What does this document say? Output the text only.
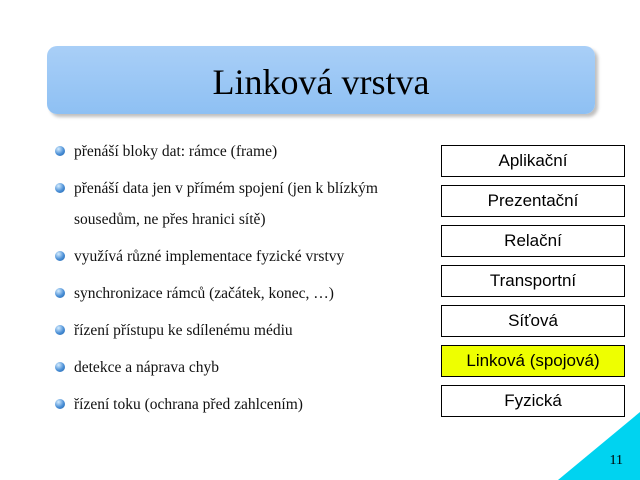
Linková vrstva
přenáší bloky dat: rámce (frame)
přenáší data jen v přímém spojení (jen k blízkým sousedům, ne přes hranici sítě)
využívá různé implementace fyzické vrstvy
synchronizace rámců (začátek, konec, …)
řízení přístupu ke sdílenému médiu
detekce a náprava chyb
řízení toku (ochrana před zahlcením)
Aplikační
Prezentační
Relační
Transportní
Síťová
Linková (spojová)
Fyzická
11
